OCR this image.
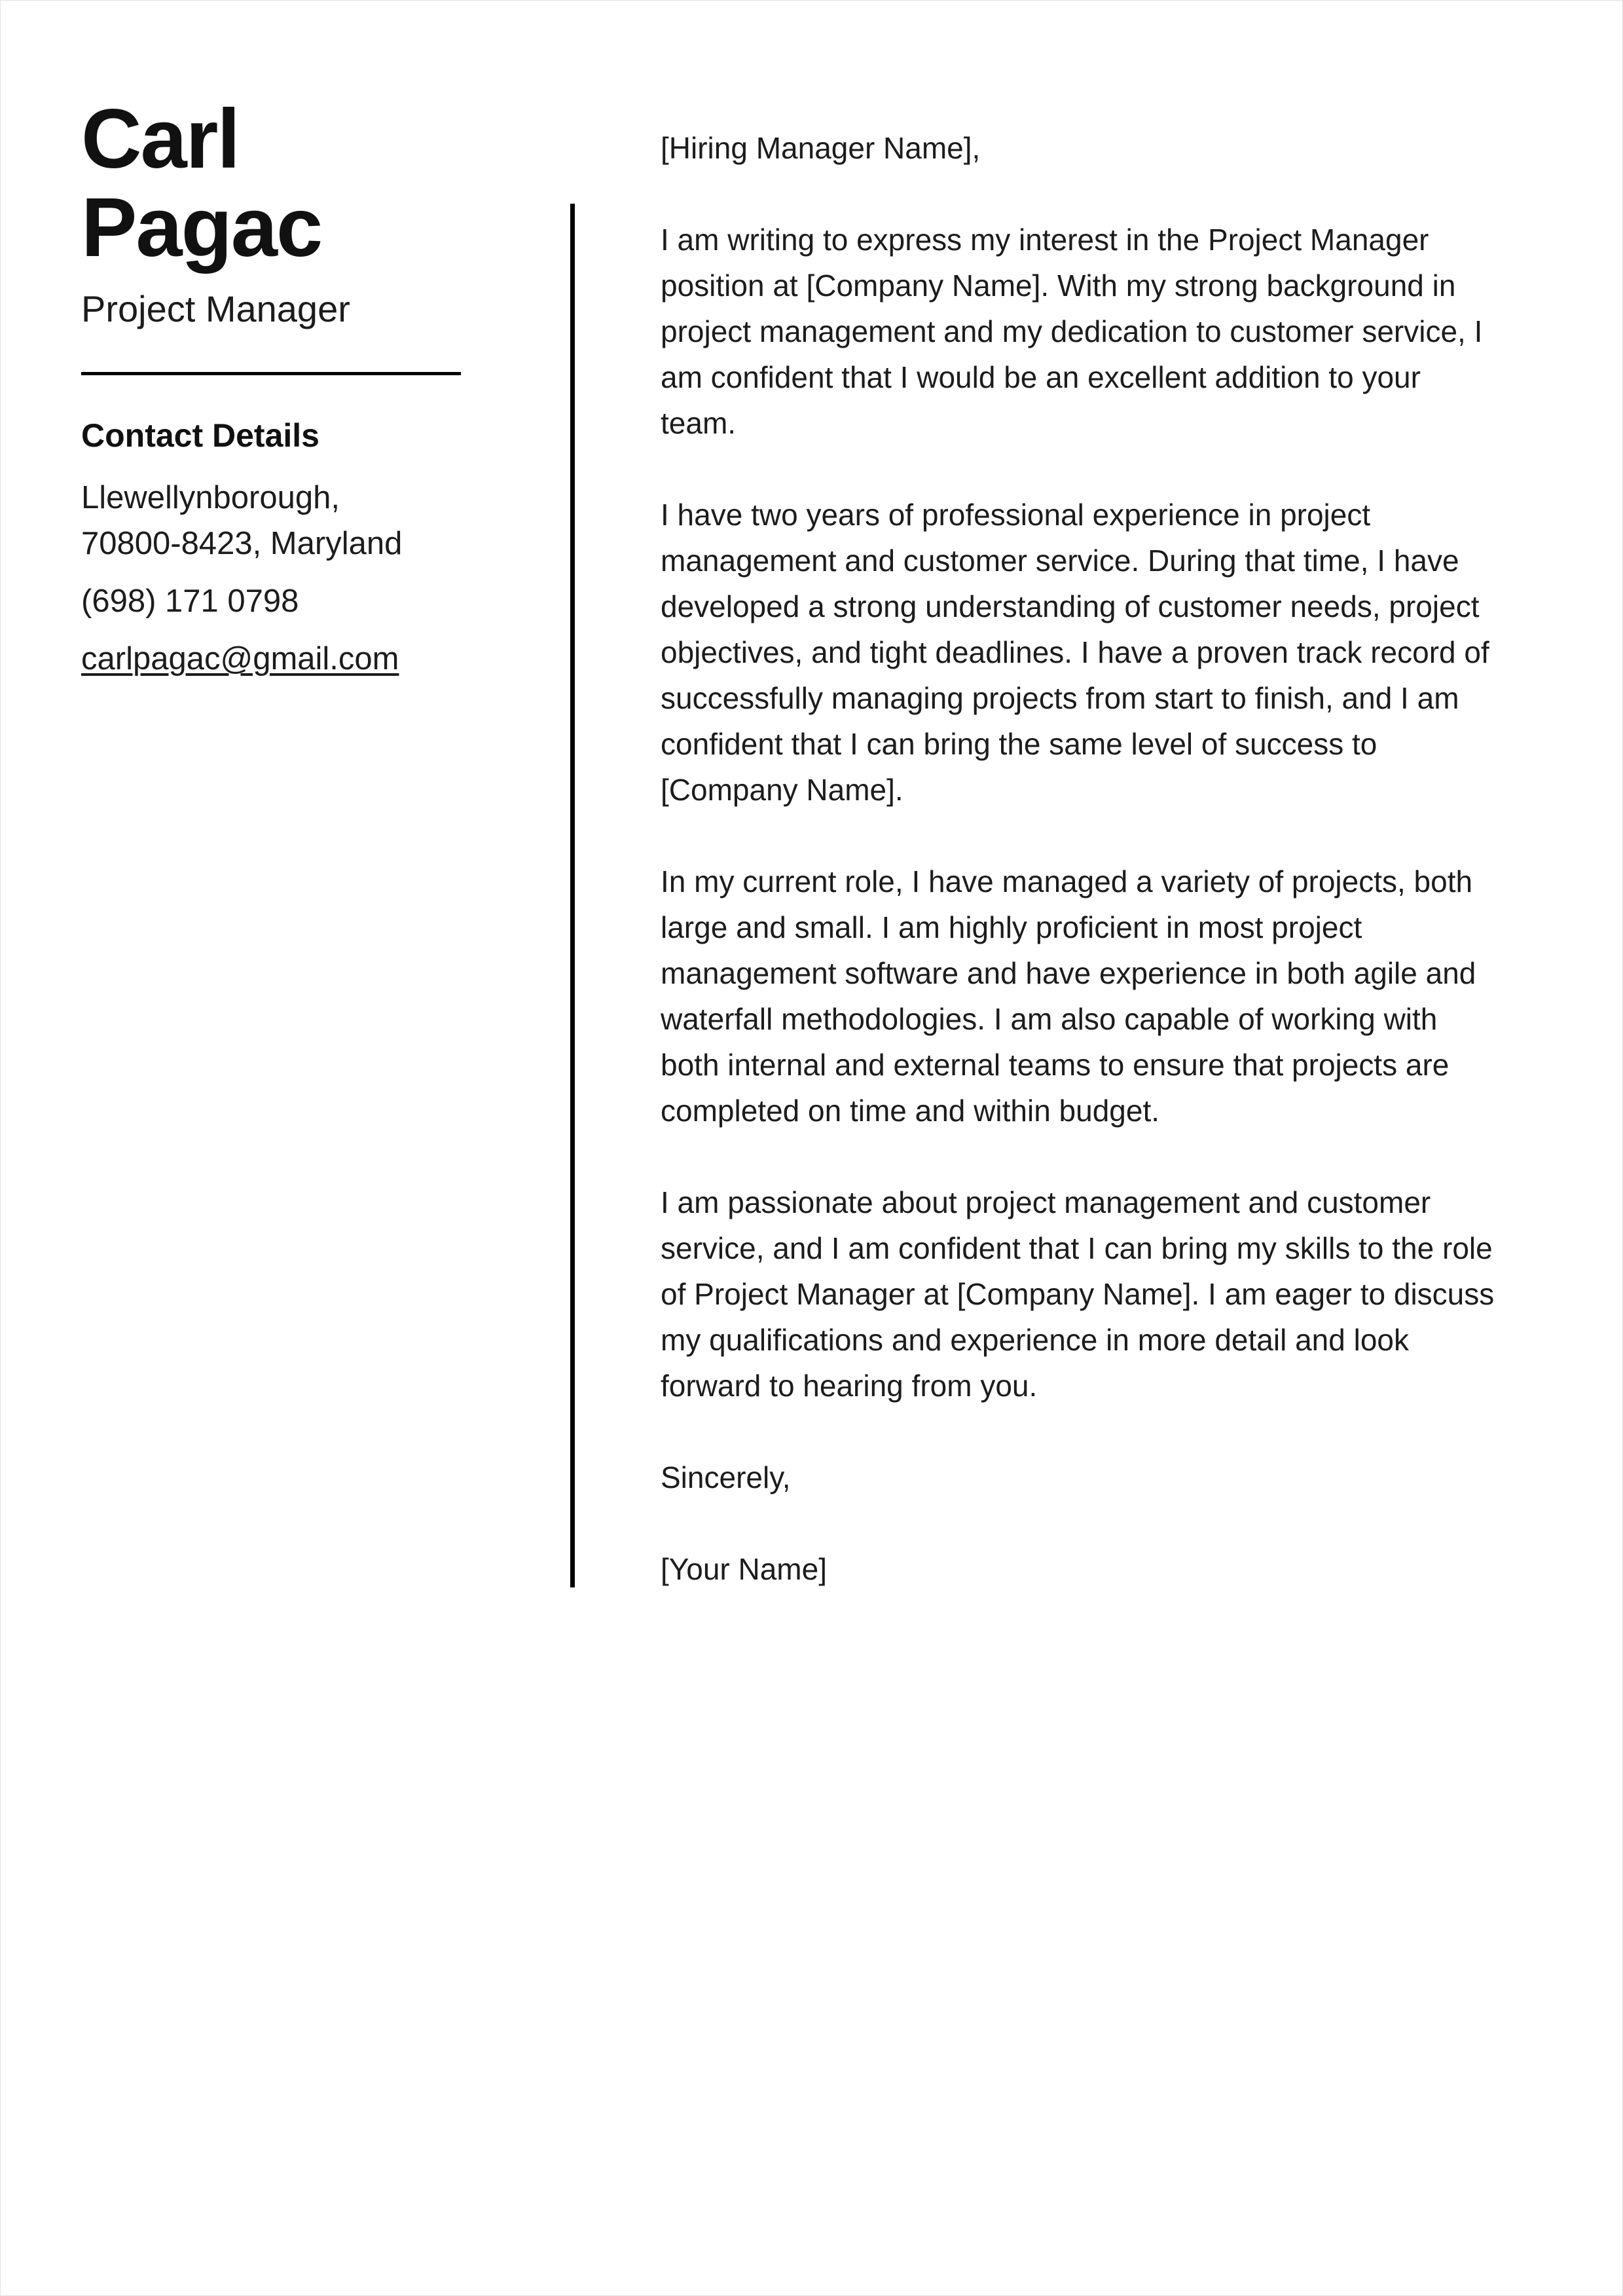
Carl Pagac
Project Manager
Contact Details

Llewellynborough, 70800-8423, Maryland

(698) 171 0798

carlpagac@gmail.com

[Hiring Manager Name],

I am writing to express my interest in the Project Manager position at [Company Name]. With my strong background in project management and my dedication to customer service, I am confident that I would be an excellent addition to your team.

I have two years of professional experience in project management and customer service. During that time, I have developed a strong understanding of customer needs, project objectives, and tight deadlines. I have a proven track record of successfully managing projects from start to finish, and I am confident that I can bring the same level of success to [Company Name].

In my current role, I have managed a variety of projects, both large and small. I am highly proficient in most project management software and have experience in both agile and waterfall methodologies. I am also capable of working with both internal and external teams to ensure that projects are completed on time and within budget.

I am passionate about project management and customer service, and I am confident that I can bring my skills to the role of Project Manager at [Company Name]. I am eager to discuss my qualifications and experience in more detail and look forward to hearing from you.

Sincerely,

[Your Name]
